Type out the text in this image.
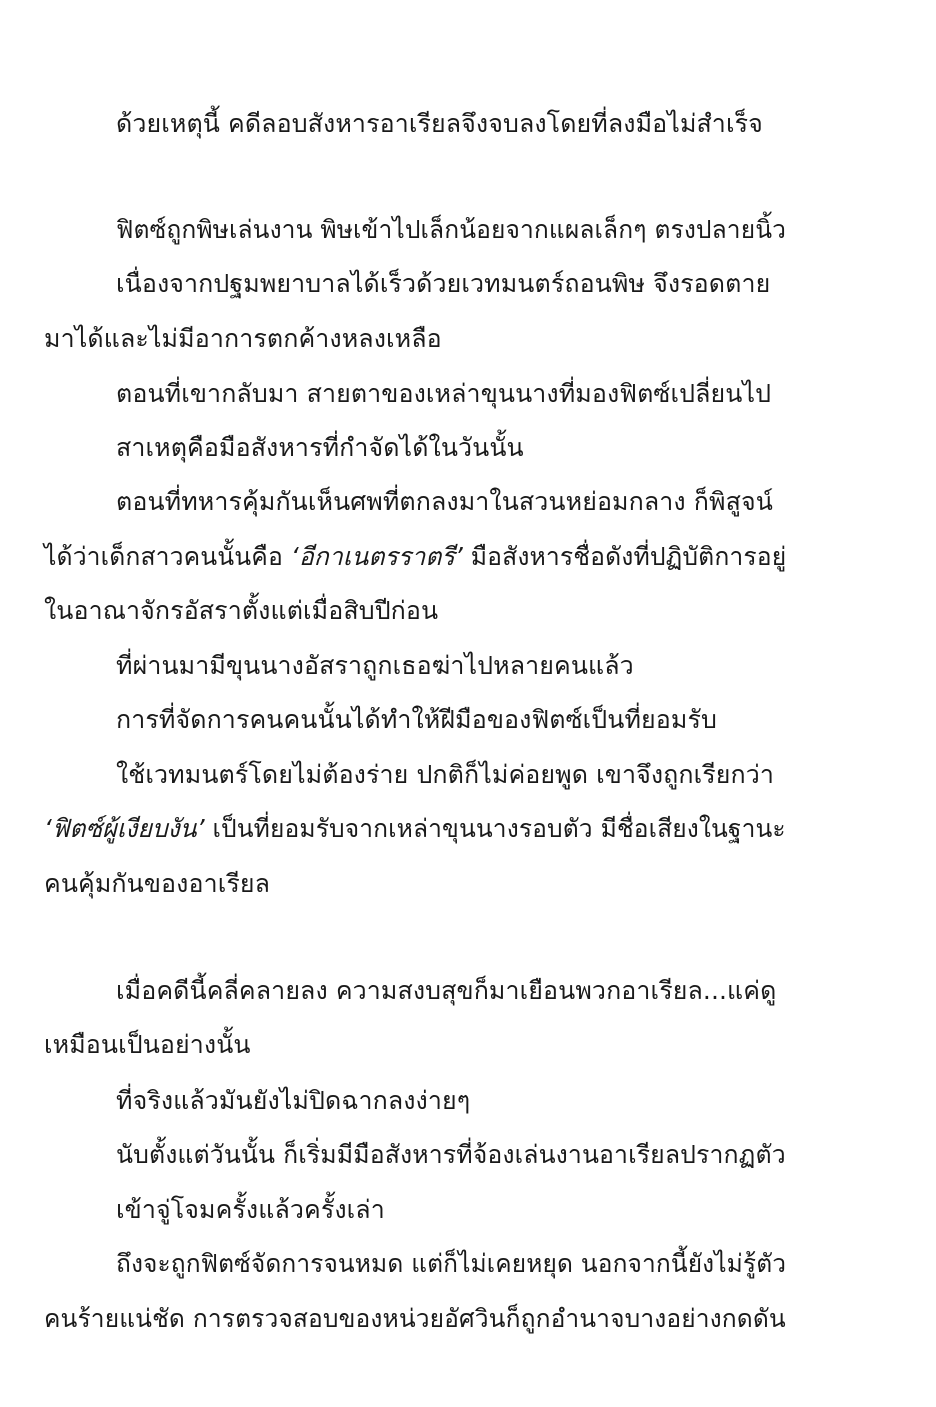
ด้วยเหตุนี้ คดีลอบสังหารอาเรียลจึงจบลงโดยที่ลงมือไม่สำเร็จ
ฟิตซ์ถูกพิษเล่นงาน พิษเข้าไปเล็กน้อยจากแผลเล็กๆ ตรงปลายนิ้ว
เนื่องจากปฐมพยาบาลได้เร็วด้วยเวทมนตร์ถอนพิษ จึงรอดตาย
มาได้และไม่มีอาการตกค้างหลงเหลือ
ตอนที่เขากลับมา สายตาของเหล่าขุนนางที่มองฟิตซ์เปลี่ยนไป
สาเหตุคือมือสังหารที่กำจัดได้ในวันนั้น
ตอนที่ทหารคุ้มกันเห็นศพที่ตกลงมาในสวนหย่อมกลาง ก็พิสูจน์
ได้ว่าเด็กสาวคนนั้นคือ ‘อีกาเนตรราตรี’ มือสังหารชื่อดังที่ปฏิบัติการอยู่
ในอาณาจักรอัสราตั้งแต่เมื่อสิบปีก่อน
ที่ผ่านมามีขุนนางอัสราถูกเธอฆ่าไปหลายคนแล้ว
การที่จัดการคนคนนั้นได้ทำให้ฝีมือของฟิตซ์เป็นที่ยอมรับ
ใช้เวทมนตร์โดยไม่ต้องร่าย ปกติก็ไม่ค่อยพูด เขาจึงถูกเรียกว่า
‘ฟิตซ์ผู้เงียบงัน’ เป็นที่ยอมรับจากเหล่าขุนนางรอบตัว มีชื่อเสียงในฐานะ
คนคุ้มกันของอาเรียล
เมื่อคดีนี้คลี่คลายลง ความสงบสุขก็มาเยือนพวกอาเรียล...แค่ดู
เหมือนเป็นอย่างนั้น
ที่จริงแล้วมันยังไม่ปิดฉากลงง่ายๆ
นับตั้งแต่วันนั้น ก็เริ่มมีมือสังหารที่จ้องเล่นงานอาเรียลปรากฏตัว
เข้าจู่โจมครั้งแล้วครั้งเล่า
ถึงจะถูกฟิตซ์จัดการจนหมด แต่ก็ไม่เคยหยุด นอกจากนี้ยังไม่รู้ตัว
คนร้ายแน่ชัด การตรวจสอบของหน่วยอัศวินก็ถูกอำนาจบางอย่างกดดัน
